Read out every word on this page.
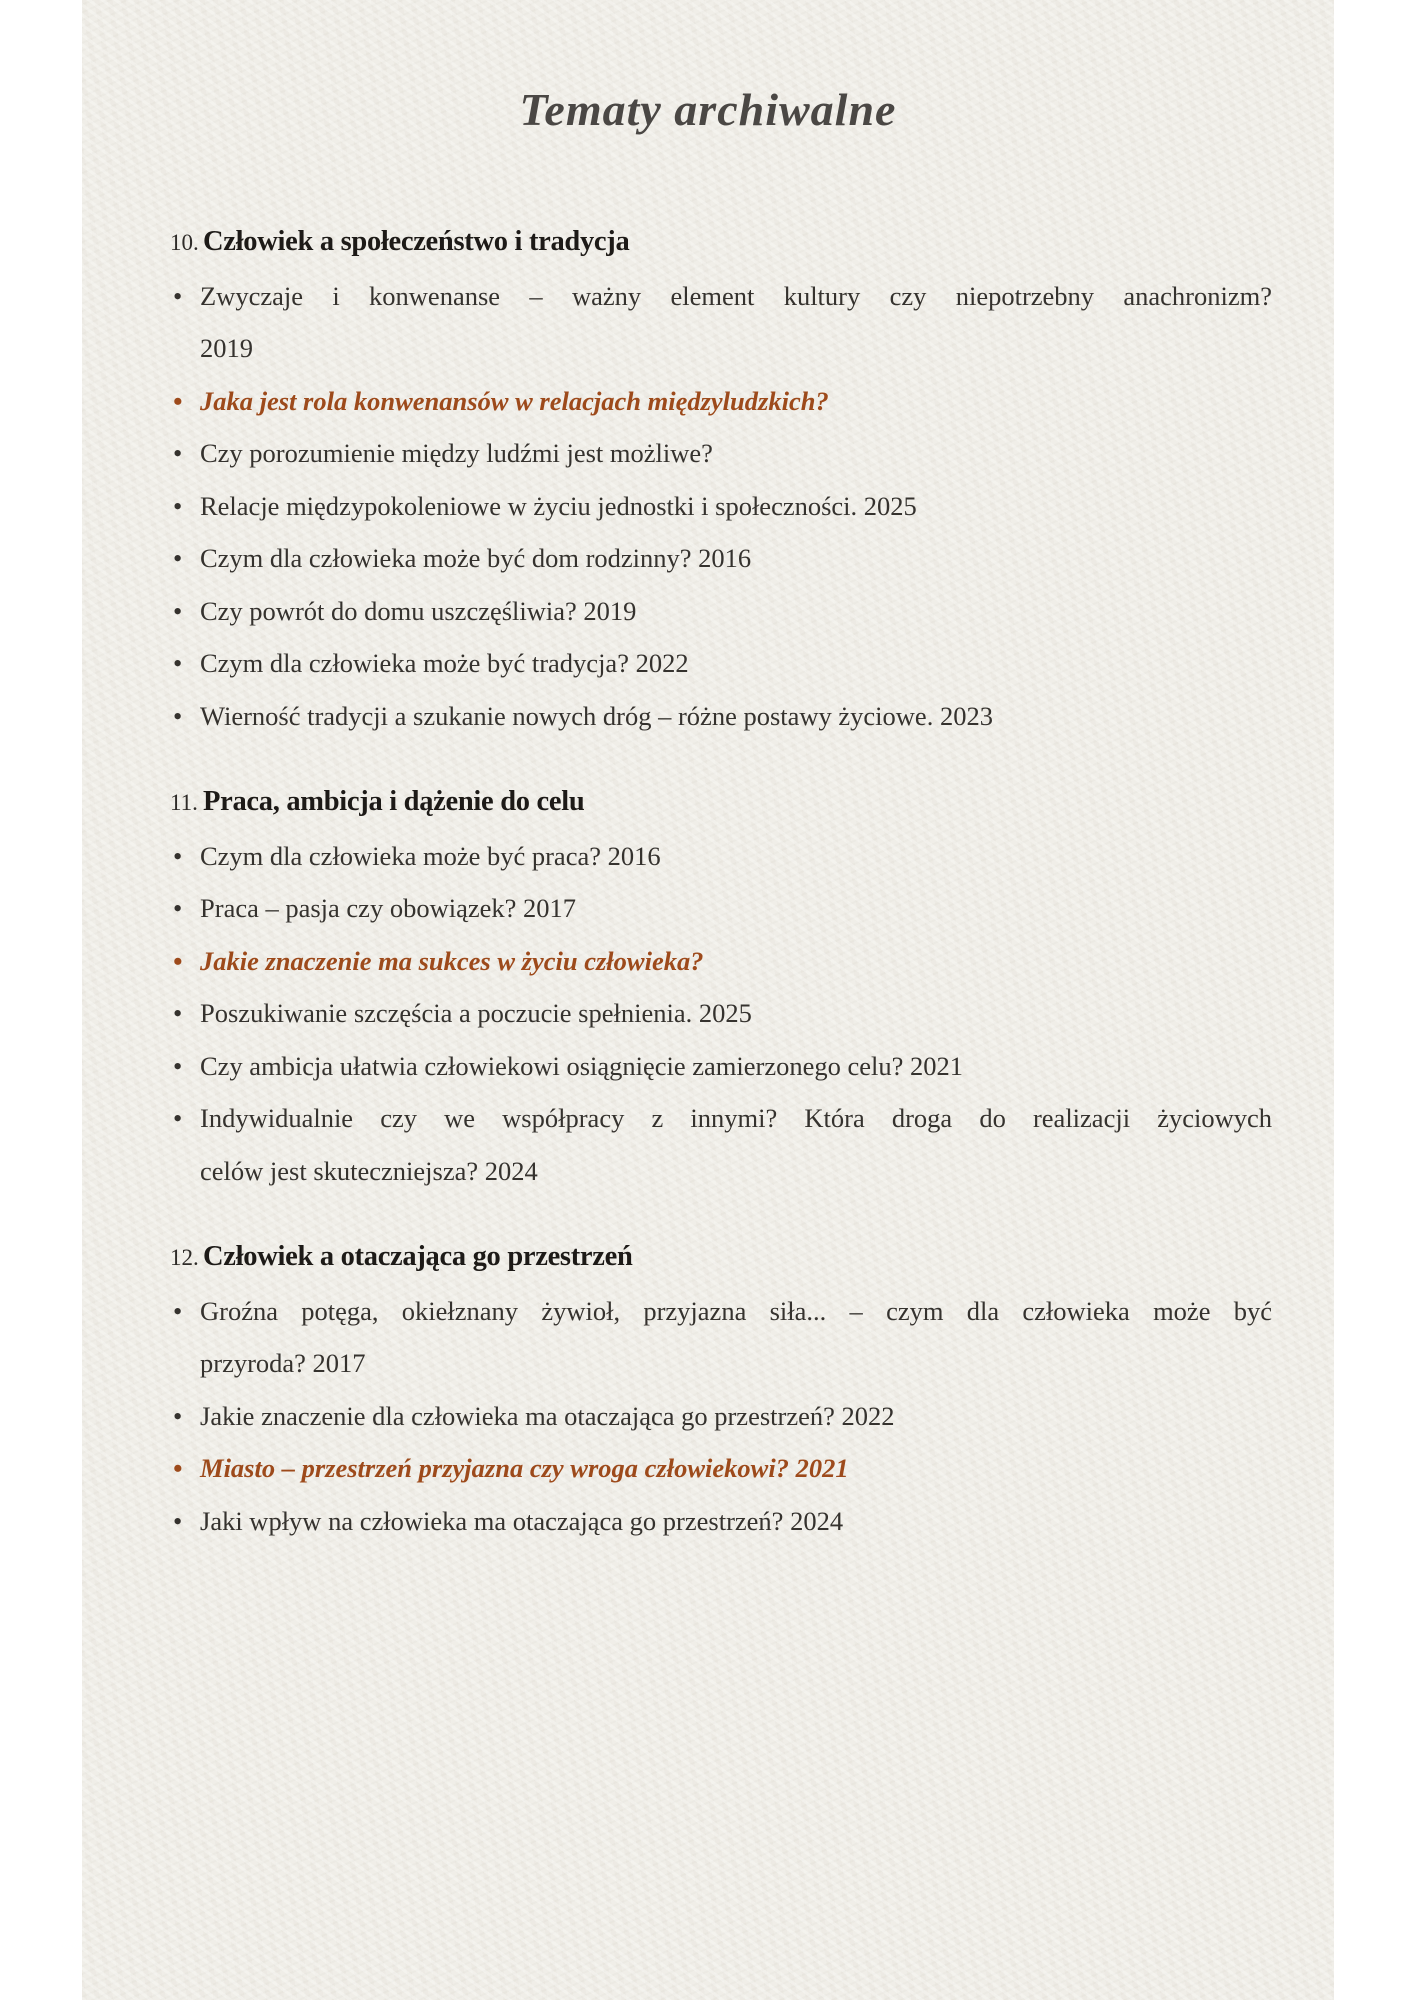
Tematy archiwalne
10. Człowiek a społeczeństwo i tradycja
• Zwyczaje i konwenanse – ważny element kultury czy niepotrzebny anachronizm?
2019
• Jaka jest rola konwenansów w relacjach międzyludzkich?
• Czy porozumienie między ludźmi jest możliwe?
• Relacje międzypokoleniowe w życiu jednostki i społeczności. 2025
• Czym dla człowieka może być dom rodzinny? 2016
• Czy powrót do domu uszczęśliwia? 2019
• Czym dla człowieka może być tradycja? 2022
• Wierność tradycji a szukanie nowych dróg – różne postawy życiowe. 2023
11. Praca, ambicja i dążenie do celu
• Czym dla człowieka może być praca? 2016
• Praca – pasja czy obowiązek? 2017
• Jakie znaczenie ma sukces w życiu człowieka?
• Poszukiwanie szczęścia a poczucie spełnienia. 2025
• Czy ambicja ułatwia człowiekowi osiągnięcie zamierzonego celu? 2021
• Indywidualnie czy we współpracy z innymi? Która droga do realizacji życiowych
celów jest skuteczniejsza? 2024
12. Człowiek a otaczająca go przestrzeń
• Groźna potęga, okiełznany żywioł, przyjazna siła... – czym dla człowieka może być
przyroda? 2017
• Jakie znaczenie dla człowieka ma otaczająca go przestrzeń? 2022
• Miasto – przestrzeń przyjazna czy wroga człowiekowi? 2021
• Jaki wpływ na człowieka ma otaczająca go przestrzeń? 2024
